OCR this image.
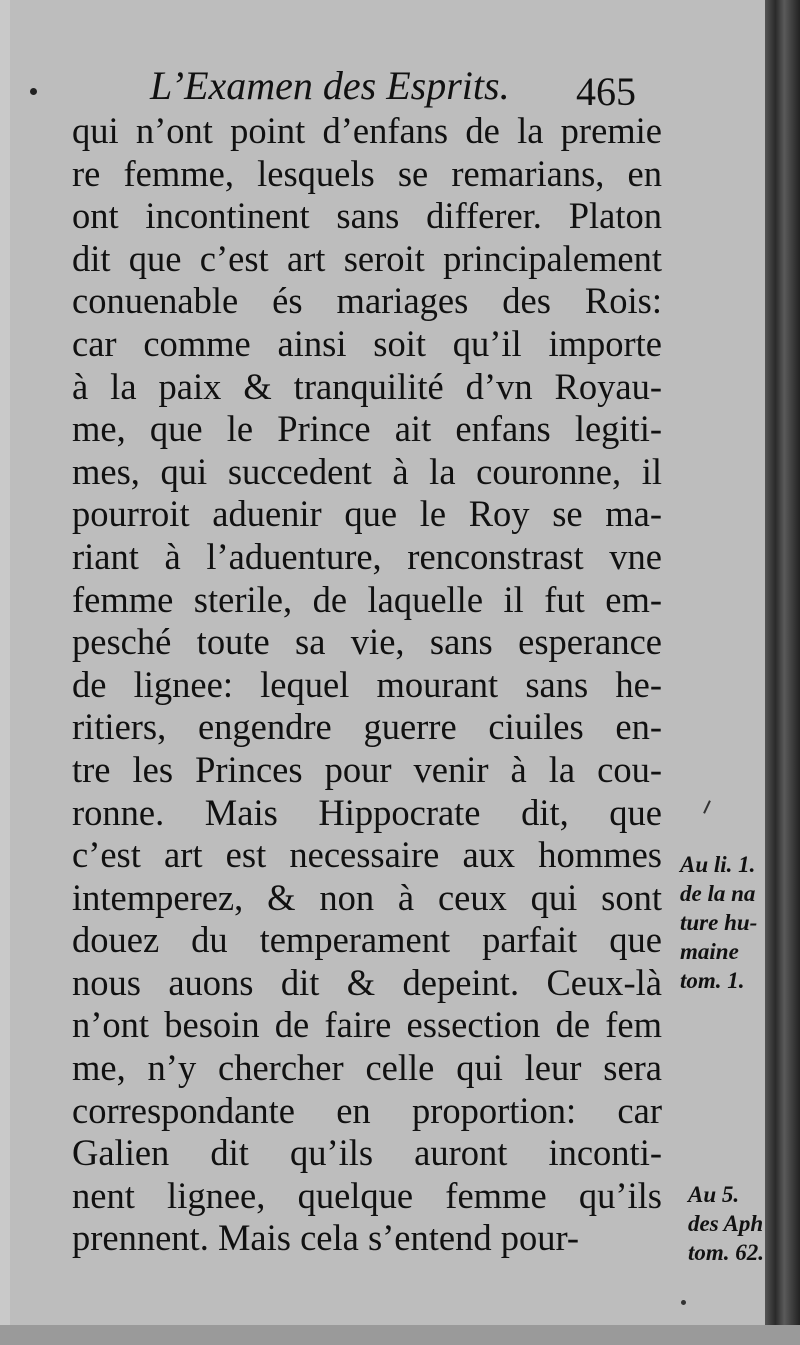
L’Examen des Esprits.	465
qui n’ont point d’enfans de la premie
re femme, lesquels se remarians, en
ont incontinent sans differer. Platon
dit que c’est art seroit principalement
conuenable és mariages des Rois:
car comme ainsi soit qu’il importe
à la paix & tranquilité d’vn Royau-
me, que le Prince ait enfans legiti-
mes, qui succedent à la couronne, il
pourroit aduenir que le Roy se ma-
riant à l’aduenture, renconstrast vne
femme sterile, de laquelle il fut em-
pesché toute sa vie, sans esperance
de lignee: lequel mourant sans he-
ritiers, engendre guerre ciuiles en-
tre les Princes pour venir à la cou-
ronne. Mais Hippocrate dit, que
c’est art est necessaire aux hommes
intemperez, & non à ceux qui sont
douez du temperament parfait que
nous auons dit & depeint. Ceux-là
n’ont besoin de faire essection de fem
me, n’y chercher celle qui leur sera
correspondante en proportion: car
Galien dit qu’ils auront inconti-
nent lignee, quelque femme qu’ils
prennent. Mais cela s’entend pour-
Au li. 1.
de la na
ture hu-
maine
tom. 1.
Au 5.
des Aph
tom. 62.
